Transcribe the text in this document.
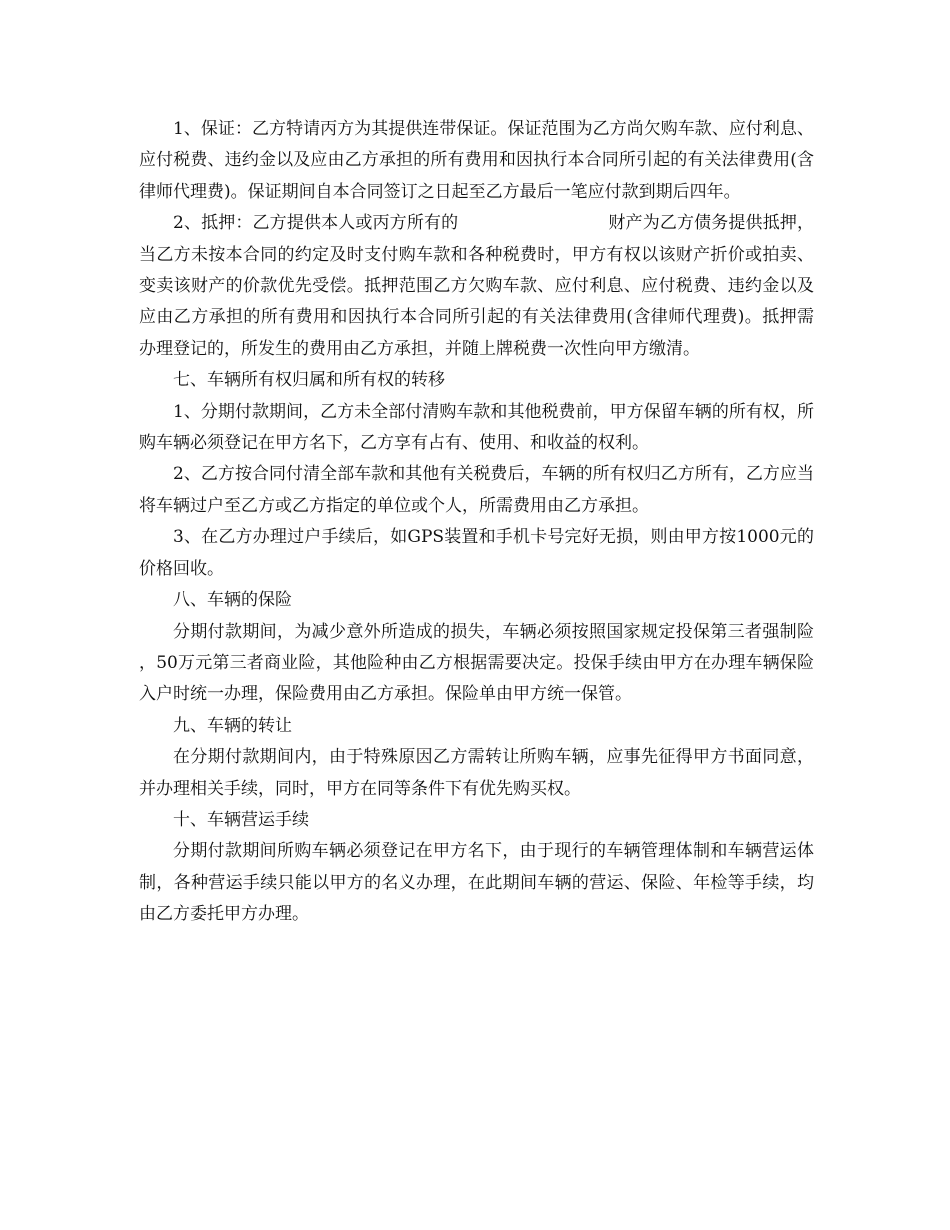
1、保证：乙方特请丙方为其提供连带保证。保证范围为乙方尚欠购车款、应付利息、应付税费、违约金以及应由乙方承担的所有费用和因执行本合同所引起的有关法律费用(含律师代理费)。保证期间自本合同签订之日起至乙方最后一笔应付款到期后四年。

2、抵押：乙方提供本人或丙方所有的	财产为乙方债务提供抵押，当乙方未按本合同的约定及时支付购车款和各种税费时，甲方有权以该财产折价或拍卖、变卖该财产的价款优先受偿。抵押范围乙方欠购车款、应付利息、应付税费、违约金以及应由乙方承担的所有费用和因执行本合同所引起的有关法律费用(含律师代理费)。抵押需办理登记的，所发生的费用由乙方承担，并随上牌税费一次性向甲方缴清。

七、车辆所有权归属和所有权的转移

1、分期付款期间，乙方未全部付清购车款和其他税费前，甲方保留车辆的所有权，所购车辆必须登记在甲方名下，乙方享有占有、使用、和收益的权利。

2、乙方按合同付清全部车款和其他有关税费后，车辆的所有权归乙方所有，乙方应当将车辆过户至乙方或乙方指定的单位或个人，所需费用由乙方承担。

3、在乙方办理过户手续后，如GPS装置和手机卡号完好无损，则由甲方按1000元的价格回收。

八、车辆的保险

分期付款期间，为减少意外所造成的损失，车辆必须按照国家规定投保第三者强制险，50万元第三者商业险，其他险种由乙方根据需要决定。投保手续由甲方在办理车辆保险入户时统一办理，保险费用由乙方承担。保险单由甲方统一保管。

九、车辆的转让

在分期付款期间内，由于特殊原因乙方需转让所购车辆，应事先征得甲方书面同意，并办理相关手续，同时，甲方在同等条件下有优先购买权。

十、车辆营运手续

分期付款期间所购车辆必须登记在甲方名下，由于现行的车辆管理体制和车辆营运体制，各种营运手续只能以甲方的名义办理，在此期间车辆的营运、保险、年检等手续，均由乙方委托甲方办理。
